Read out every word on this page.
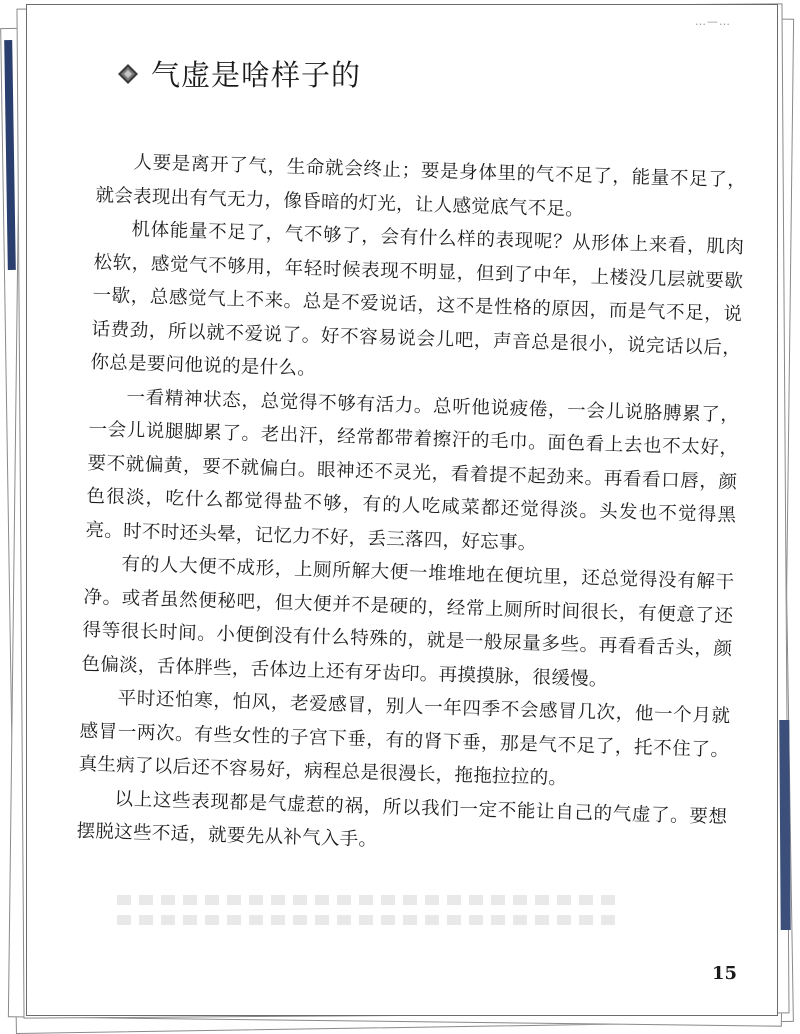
…—…
气虚是啥样子的

人要是离开了气，生命就会终止；要是身体里的气不足了，能量不足了，就会表现出有气无力，像昏暗的灯光，让人感觉底气不足。

机体能量不足了，气不够了，会有什么样的表现呢？从形体上来看，肌肉松软，感觉气不够用，年轻时候表现不明显，但到了中年，上楼没几层就要歇一歇，总感觉气上不来。总是不爱说话，这不是性格的原因，而是气不足，说话费劲，所以就不爱说了。好不容易说会儿吧，声音总是很小，说完话以后，你总是要问他说的是什么。

一看精神状态，总觉得不够有活力。总听他说疲倦，一会儿说胳膊累了，一会儿说腿脚累了。老出汗，经常都带着擦汗的毛巾。面色看上去也不太好，要不就偏黄，要不就偏白。眼神还不灵光，看着提不起劲来。再看看口唇，颜色很淡，吃什么都觉得盐不够，有的人吃咸菜都还觉得淡。头发也不觉得黑亮。时不时还头晕，记忆力不好，丢三落四，好忘事。

有的人大便不成形，上厕所解大便一堆堆地在便坑里，还总觉得没有解干净。或者虽然便秘吧，但大便并不是硬的，经常上厕所时间很长，有便意了还得等很长时间。小便倒没有什么特殊的，就是一般尿量多些。再看看舌头，颜色偏淡，舌体胖些，舌体边上还有牙齿印。再摸摸脉，很缓慢。

平时还怕寒，怕风，老爱感冒，别人一年四季不会感冒几次，他一个月就感冒一两次。有些女性的子宫下垂，有的肾下垂，那是气不足了，托不住了。真生病了以后还不容易好，病程总是很漫长，拖拖拉拉的。

以上这些表现都是气虚惹的祸，所以我们一定不能让自己的气虚了。要想摆脱这些不适，就要先从补气入手。

15
